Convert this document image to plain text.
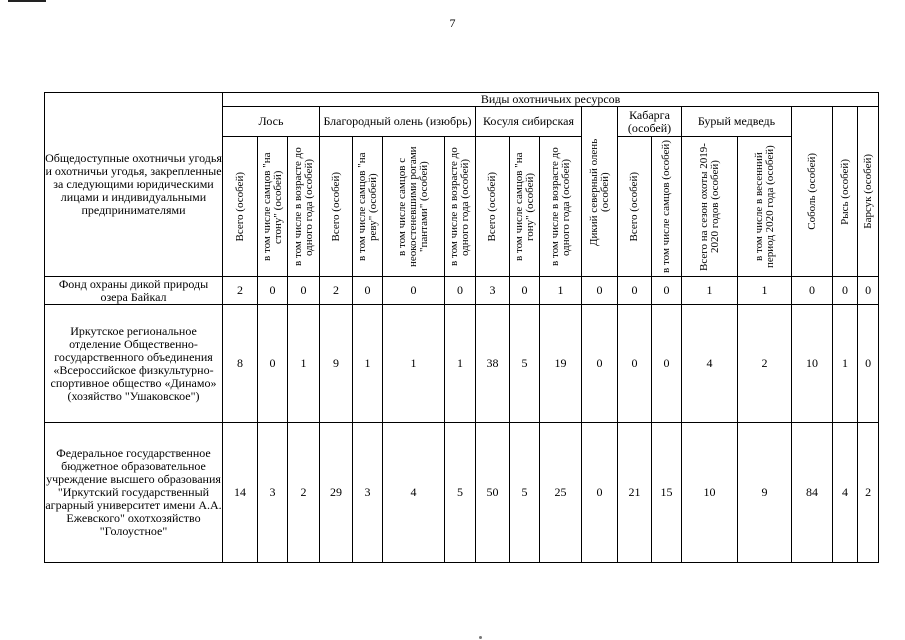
7
Общедоступные охотничьи угодья и охотничьи угодья, закрепленные за следующими юридическими лицами и индивидуальными предпринимателями	Виды охотничьих ресурсов																	
	Лось			Благородный олень (изюбрь)				Косуля сибирская			Дикий северный олень (особей)	Кабарга (особей)		Бурый медведь		Соболь (особей)	Рысь (особей)	Барсук (особей)

	Всего (особей)	в том числе самцов "на стону" (особей)	в том числе в возрасте до одного года (особей)	Всего (особей)	в том числе самцов "на реву" (особей)	в том числе самцов с неокостеневшими рогами "пантами" (особей)	в том числе в возрасте до одного года (особей)	Всего (особей)	в том числе самцов "на гону" (особей)	в том числе в возрасте до одного года (особей)		Всего (особей)	в том числе самцов (особей)	Всего на сезон охоты 2019-2020 годов (особей)	в том числе в весенний период 2020 года (особей)			

Фонд охраны дикой природы озера Байкал	2	0	0	2	0	0	0	3	0	1	0	0	0	1	1	0	0	0
Иркутское региональное отделение Общественно-государственного объединения «Всероссийское физкультурно-спортивное общество «Динамо» (хозяйство "Ушаковское")	8	0	1	9	1	1	1	38	5	19	0	0	0	4	2	10	1	0
Федеральное государственное бюджетное образовательное учреждение высшего образования "Иркутский государственный аграрный университет имени А.А. Ежевского" охотхозяйство "Голоустное"	14	3	2	29	3	4	5	50	5	25	0	21	15	10	9	84	4	2
